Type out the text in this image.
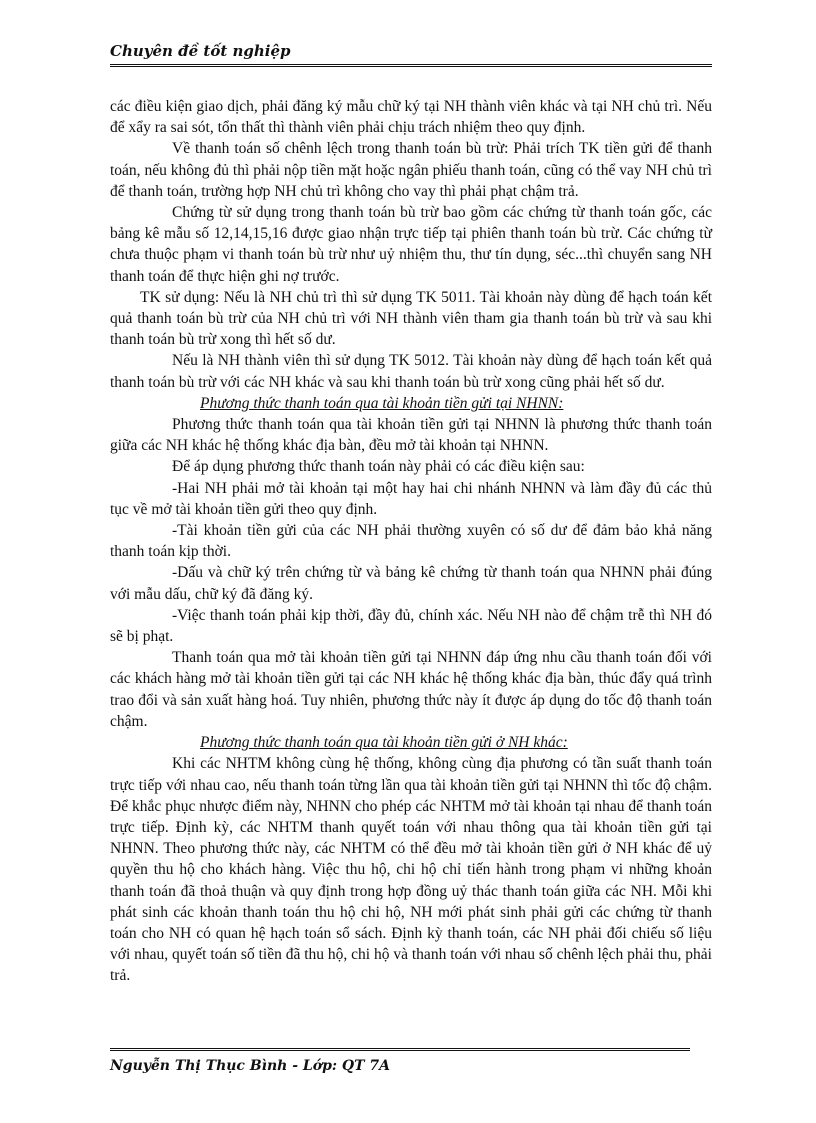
Chuyên đề tốt nghiệp

các điều kiện giao dịch, phải đăng ký mẫu chữ ký tại NH thành viên khác và tại NH chủ trì. Nếu để xẩy ra sai sót, tổn thất thì thành viên phải chịu trách nhiệm theo quy định.

Về thanh toán số chênh lệch trong thanh toán bù trừ: Phải trích TK tiền gửi để thanh toán, nếu không đủ thì phải nộp tiền mặt hoặc ngân phiếu thanh toán, cũng có thể vay NH chủ trì để thanh toán, trường hợp NH chủ trì không cho vay thì phải phạt chậm trả.

Chứng từ sử dụng trong thanh toán bù trừ bao gồm các chứng từ thanh toán gốc, các bảng kê mẫu số 12,14,15,16 được giao nhận trực tiếp tại phiên thanh toán bù trừ. Các chứng từ chưa thuộc phạm vi thanh toán bù trừ như uỷ nhiệm thu, thư tín dụng, séc...thì chuyển sang NH thanh toán để thực hiện ghi nợ trước.

TK sử dụng: Nếu là NH chủ trì thì sử dụng TK 5011. Tài khoản này dùng để hạch toán kết quả thanh toán bù trừ của NH chủ trì với NH thành viên tham gia thanh toán bù trừ và sau khi thanh toán bù trừ xong thì hết số dư.

Nếu là NH thành viên thì sử dụng TK 5012. Tài khoản này dùng để hạch toán kết quả thanh toán bù trừ với các NH khác và sau khi thanh toán bù trừ xong cũng phải hết số dư.

Phương thức thanh toán qua tài khoản tiền gửi tại NHNN:

Phương thức thanh toán qua tài khoản tiền gửi tại NHNN là phương thức thanh toán giữa các NH khác hệ thống khác địa bàn, đều mở tài khoản tại NHNN.

Để áp dụng phương thức thanh toán này phải có các điều kiện sau:

-Hai NH phải mở tài khoản tại một hay hai chi nhánh NHNN và làm đầy đủ các thủ tục về mở tài khoản tiền gửi theo quy định.

-Tài khoản tiền gửi của các NH phải thường xuyên có số dư để đảm bảo khả năng thanh toán kịp thời.

-Dấu và chữ ký trên chứng từ và bảng kê chứng từ thanh toán qua NHNN phải đúng với mẫu dấu, chữ ký đã đăng ký.

-Việc thanh toán phải kịp thời, đầy đủ, chính xác. Nếu NH nào để chậm trễ thì NH đó sẽ bị phạt.

Thanh toán qua mở tài khoản tiền gửi tại NHNN đáp ứng nhu cầu thanh toán đối với các khách hàng mở tài khoản tiền gửi tại các NH khác hệ thống khác địa bàn, thúc đẩy quá trình trao đổi và sản xuất hàng hoá. Tuy nhiên, phương thức này ít được áp dụng do tốc độ thanh toán chậm.

Phương thức thanh toán qua tài khoản tiền gửi ở NH khác:

Khi các NHTM không cùng hệ thống, không cùng địa phương có tần suất thanh toán trực tiếp với nhau cao, nếu thanh toán từng lần qua tài khoản tiền gửi tại NHNN thì tốc độ chậm. Để khắc phục nhược điểm này, NHNN cho phép các NHTM mở tài khoản tại nhau để thanh toán trực tiếp. Định kỳ, các NHTM thanh quyết toán với nhau thông qua tài khoản tiền gửi tại NHNN. Theo phương thức này, các NHTM có thể đều mở tài khoản tiền gửi ở NH khác để uỷ quyền thu hộ cho khách hàng. Việc thu hộ, chi hộ chỉ tiến hành trong phạm vi những khoản thanh toán đã thoả thuận và quy định trong hợp đồng uỷ thác thanh toán giữa các NH. Mỗi khi phát sinh các khoản thanh toán thu hộ chi hộ, NH mới phát sinh phải gửi các chứng từ thanh toán cho NH có quan hệ hạch toán sổ sách. Định kỳ thanh toán, các NH phải đối chiếu số liệu với nhau, quyết toán số tiền đã thu hộ, chi hộ và thanh toán với nhau số chênh lệch phải thu, phải trả.

Nguyễn Thị Thục Bình - Lớp: QT 7A
